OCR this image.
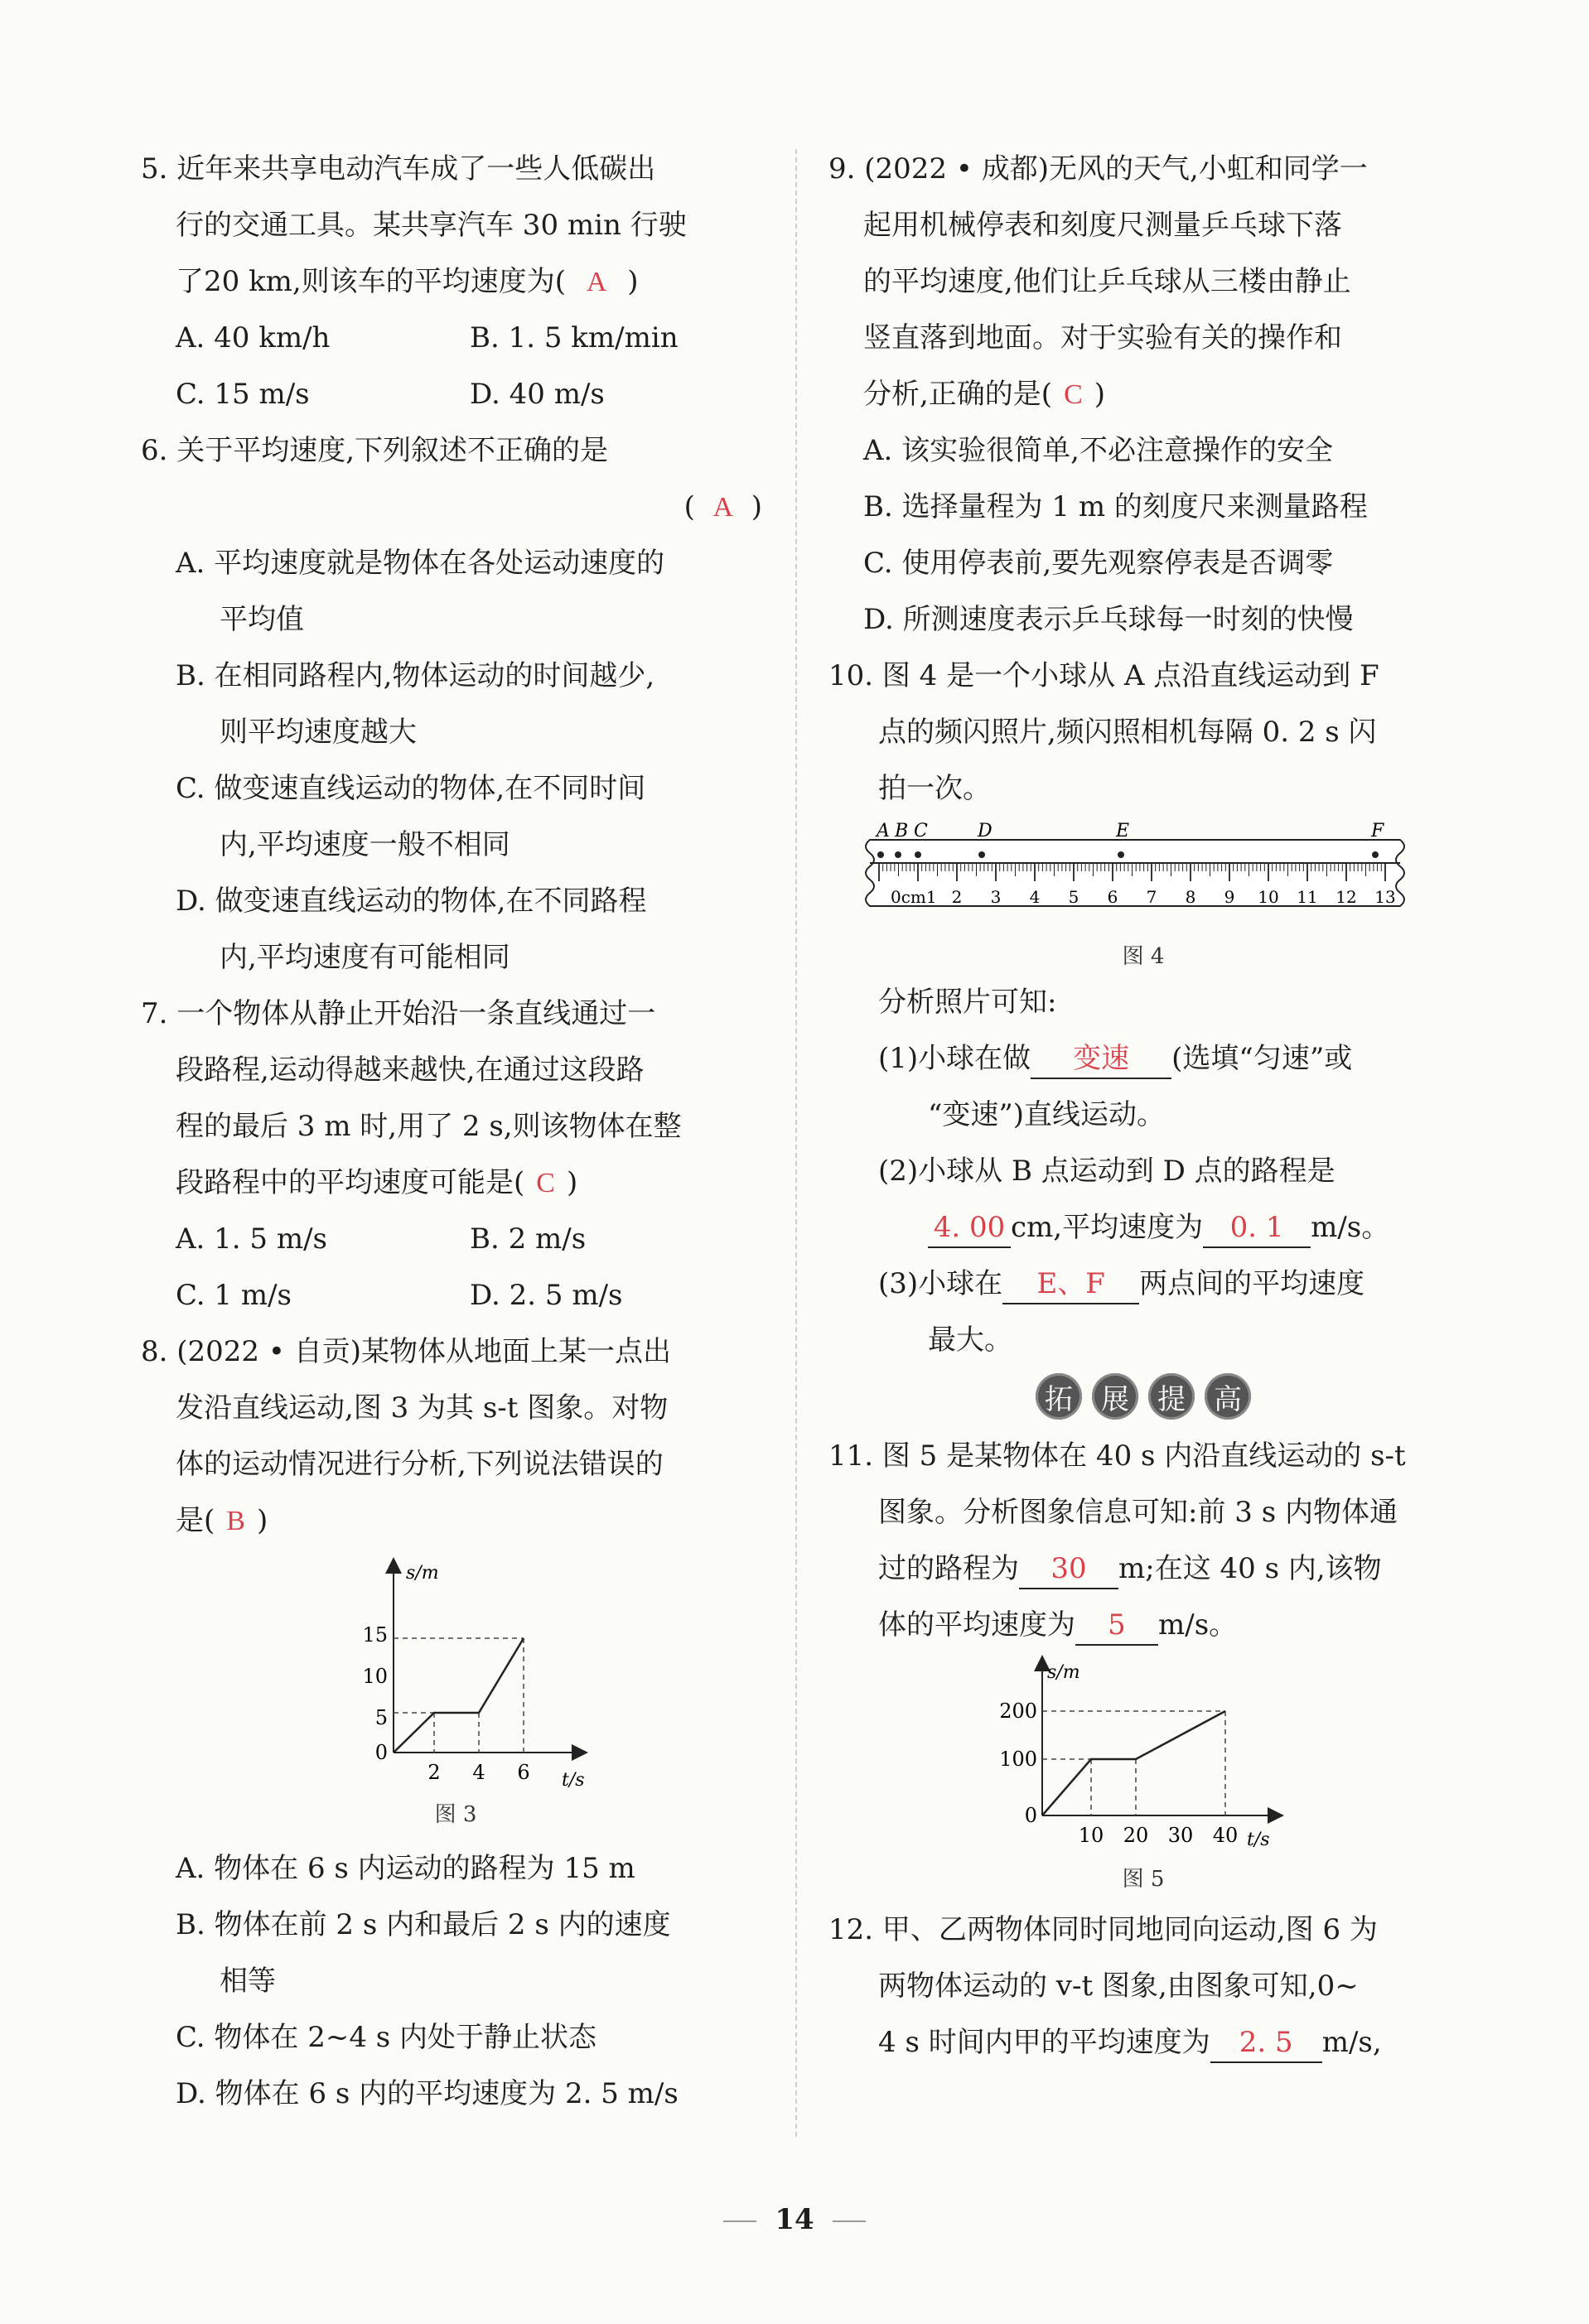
5. 近年来共享电动汽车成了一些人低碳出
行的交通工具。某共享汽车 30 min 行驶
了20 km,则该车的平均速度为( A )
A. 40 km/h	B. 1. 5 km/min
C. 15 m/s	D. 40 m/s
6. 关于平均速度,下列叙述不正确的是
(  A  )
A. 平均速度就是物体在各处运动速度的
平均值
B. 在相同路程内,物体运动的时间越少,
则平均速度越大
C. 做变速直线运动的物体,在不同时间
内,平均速度一般不相同
D. 做变速直线运动的物体,在不同路程
内,平均速度有可能相同
7. 一个物体从静止开始沿一条直线通过一
段路程,运动得越来越快,在通过这段路
程的最后 3 m 时,用了 2 s,则该物体在整
段路程中的平均速度可能是( C )
A. 1. 5 m/s	B. 2 m/s
C. 1 m/s	D. 2. 5 m/s
8. (2022 • 自贡)某物体从地面上某一点出
发沿直线运动,图 3 为其 s-t 图象。对物
体的运动情况进行分析,下列说法错误的
是( B )
s/m
t/s
15
10
5
0
2 4 6
图 3
A. 物体在 6 s 内运动的路程为 15 m
B. 物体在前 2 s 内和最后 2 s 内的速度
相等
C. 物体在 2~4 s 内处于静止状态
D. 物体在 6 s 内的平均速度为 2. 5 m/s
9. (2022 • 成都)无风的天气,小虹和同学一
起用机械停表和刻度尺测量乒乓球下落
的平均速度,他们让乒乓球从三楼由静止
竖直落到地面。对于实验有关的操作和
分析,正确的是( C )
A. 该实验很简单,不必注意操作的安全
B. 选择量程为 1 m 的刻度尺来测量路程
C. 使用停表前,要先观察停表是否调零
D. 所测速度表示乒乓球每一时刻的快慢
10. 图 4 是一个小球从 A 点沿直线运动到 F
点的频闪照片,频闪照相机每隔 0. 2 s 闪
拍一次。
0cm1 2 3 4 5 6 7 8 9 10 11 12 13
A B C	D	E	F
图 4
分析照片可知:
(1)小球在做 变速 (选填“匀速”或
“变速”)直线运动。
(2)小球从 B 点运动到 D 点的路程是
4. 00 cm,平均速度为 0. 1 m/s。
(3)小球在 E、F 两点间的平均速度
最大。
拓	展	提	高
11. 图 5 是某物体在 40 s 内沿直线运动的 s-t
图象。分析图象信息可知:前 3 s 内物体通
过的路程为 30 m;在这 40 s 内,该物
体的平均速度为 5 m/s。
s/m
t/s
200
100
0
10 20 30 40
图 5
12. 甲、乙两物体同时同地同向运动,图 6 为
两物体运动的 v-t 图象,由图象可知,0~
4 s 时间内甲的平均速度为 2. 5 m/s,
14
